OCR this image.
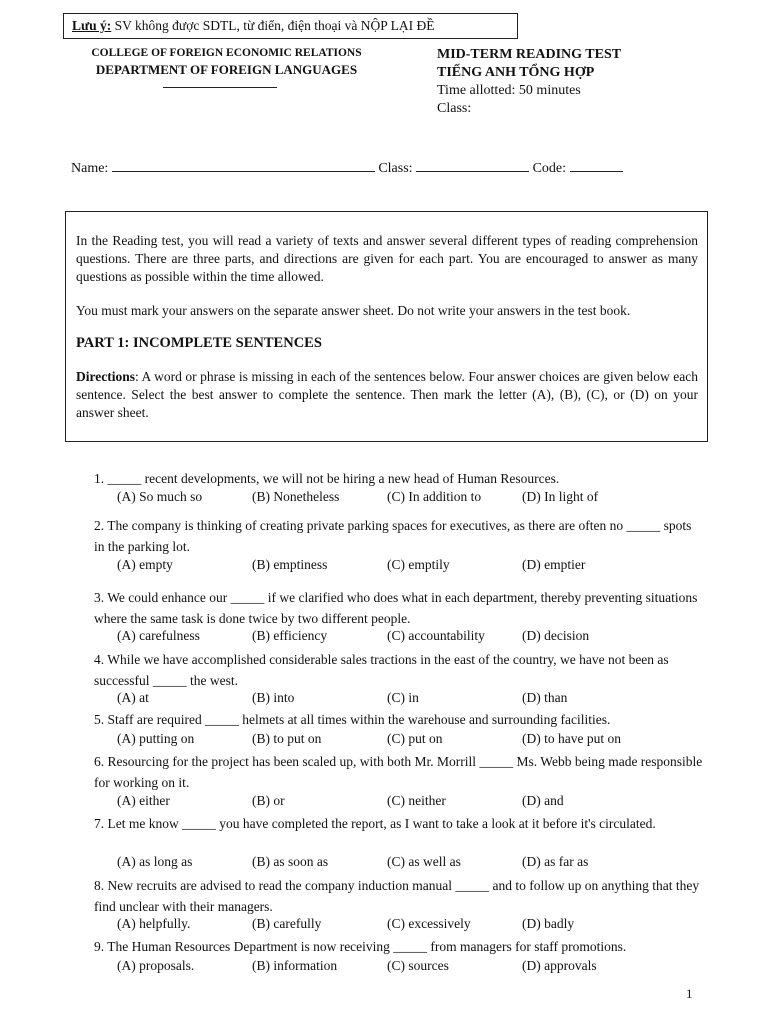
Lưu ý: SV không được SDTL, từ điển, điện thoại và NỘP LẠI ĐỀ
COLLEGE OF FOREIGN ECONOMIC RELATIONS
DEPARTMENT OF FOREIGN LANGUAGES
MID-TERM READING TEST
TIẾNG ANH TỔNG HỢP
Time allotted: 50 minutes
Class:
Name:	Class:	Code:
In the Reading test, you will read a variety of texts and answer several different types of reading comprehension questions. There are three parts, and directions are given for each part. You are encouraged to answer as many questions as possible within the time allowed.
You must mark your answers on the separate answer sheet. Do not write your answers in the test book.
PART 1: INCOMPLETE SENTENCES
Directions: A word or phrase is missing in each of the sentences below. Four answer choices are given below each sentence. Select the best answer to complete the sentence. Then mark the letter (A), (B), (C), or (D) on your answer sheet.
1. _____ recent developments, we will not be hiring a new head of Human Resources.
(A) So much so	(B) Nonetheless	(C) In addition to	(D) In light of
2. The company is thinking of creating private parking spaces for executives, as there are often no _____ spots in the parking lot.
(A) empty	(B) emptiness	(C) emptily	(D) emptier
3. We could enhance our _____ if we clarified who does what in each department, thereby preventing situations where the same task is done twice by two different people.
(A) carefulness	(B) efficiency	(C) accountability	(D) decision
4. While we have accomplished considerable sales tractions in the east of the country, we have not been as successful _____ the west.
(A) at	(B) into	(C) in	(D) than
5. Staff are required _____ helmets at all times within the warehouse and surrounding facilities.
(A) putting on	(B) to put on	(C) put on	(D) to have put on
6. Resourcing for the project has been scaled up, with both Mr. Morrill _____ Ms. Webb being made responsible for working on it.
(A) either	(B) or	(C) neither	(D) and
7. Let me know _____ you have completed the report, as I want to take a look at it before it's circulated.
(A) as long as	(B) as soon as	(C) as well as	(D) as far as
8. New recruits are advised to read the company induction manual _____ and to follow up on anything that they find unclear with their managers.
(A) helpfully.	(B) carefully	(C) excessively	(D) badly
9. The Human Resources Department is now receiving _____ from managers for staff promotions.
(A) proposals.	(B) information	(C) sources	(D) approvals
1
